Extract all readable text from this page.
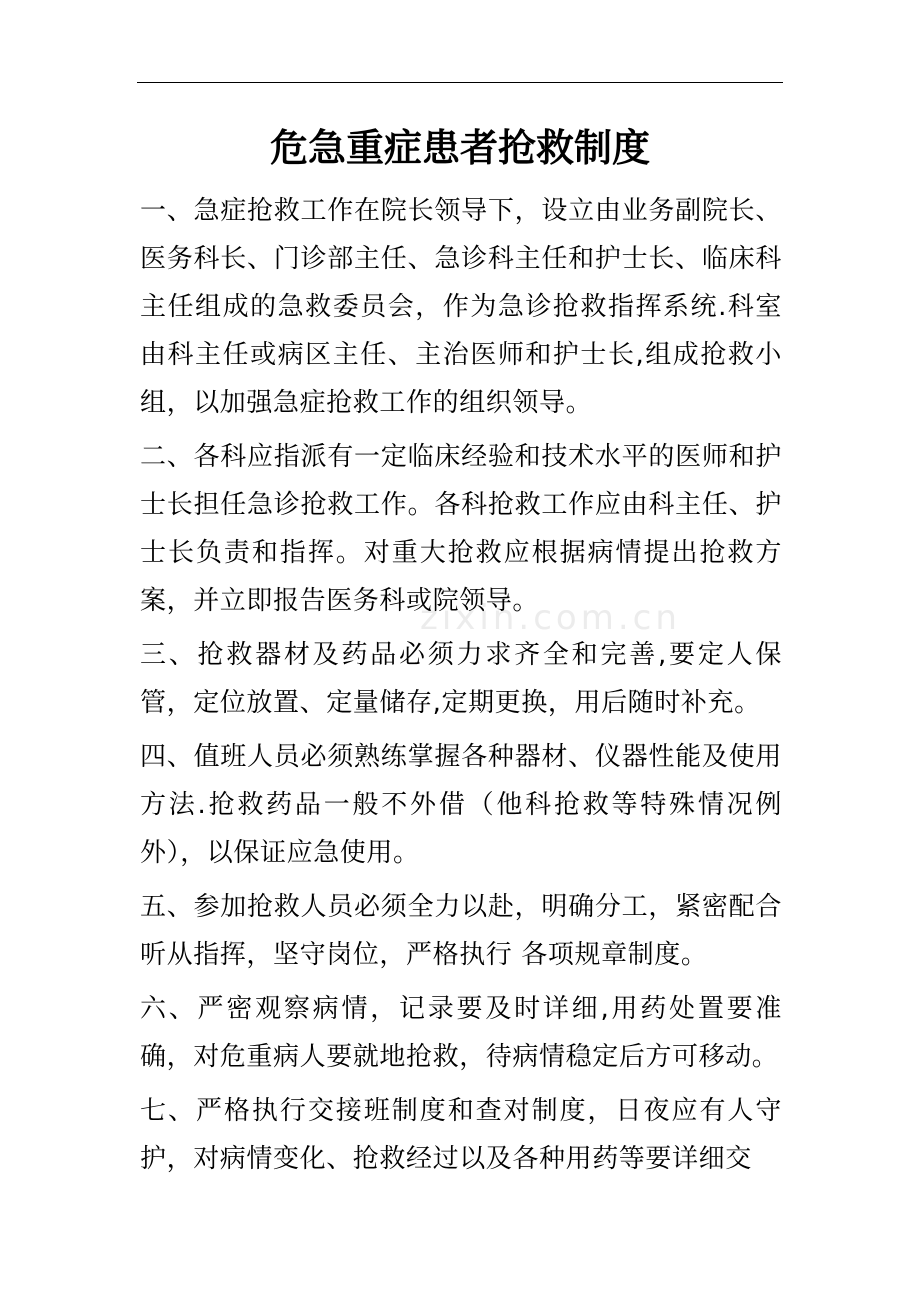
zixin.com.cn
危急重症患者抢救制度

一、急症抢救工作在院长领导下，设立由业务副院长、医务科长、门诊部主任、急诊科主任和护士长、临床科主任组成的急救委员会，作为急诊抢救指挥系统.科室由科主任或病区主任、主治医师和护士长,组成抢救小组，以加强急症抢救工作的组织领导。

二、各科应指派有一定临床经验和技术水平的医师和护士长担任急诊抢救工作。各科抢救工作应由科主任、护士长负责和指挥。对重大抢救应根据病情提出抢救方案，并立即报告医务科或院领导。

三、抢救器材及药品必须力求齐全和完善,要定人保管，定位放置、定量储存,定期更换，用后随时补充。

四、值班人员必须熟练掌握各种器材、仪器性能及使用方法.抢救药品一般不外借（他科抢救等特殊情况例外），以保证应急使用。

五、参加抢救人员必须全力以赴，明确分工，紧密配合听从指挥，坚守岗位，严格执行 各项规章制度。

六、严密观察病情，记录要及时详细,用药处置要准确，对危重病人要就地抢救，待病情稳定后方可移动。

七、严格执行交接班制度和查对制度，日夜应有人守护，对病情变化、抢救经过以及各种用药等要详细交
